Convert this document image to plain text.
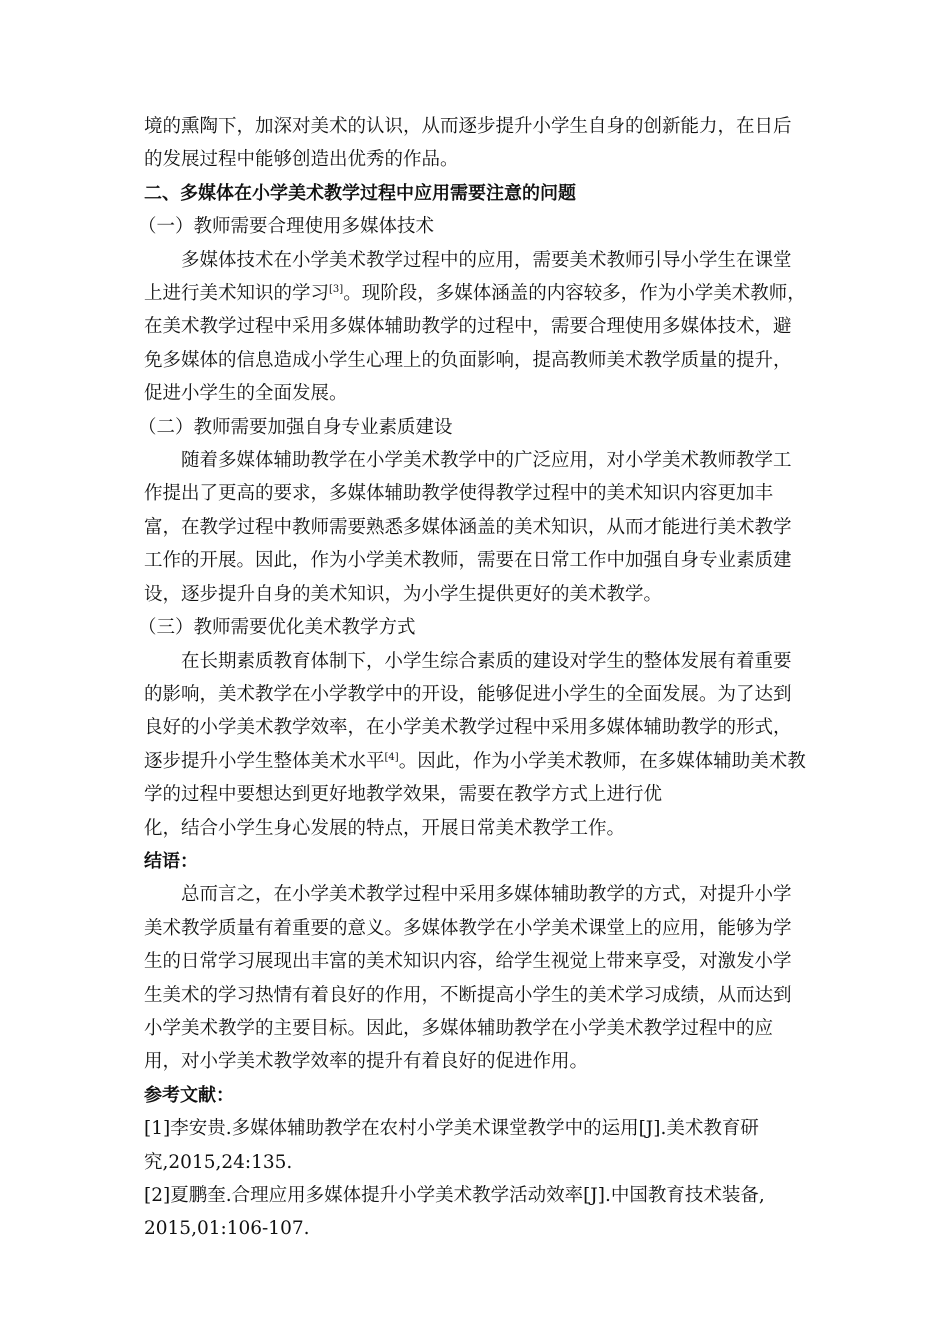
境的熏陶下，加深对美术的认识，从而逐步提升小学生自身的创新能力，在日后的发展过程中能够创造出优秀的作品。

二、多媒体在小学美术教学过程中应用需要注意的问题

（一）教师需要合理使用多媒体技术

多媒体技术在小学美术教学过程中的应用，需要美术教师引导小学生在课堂上进行美术知识的学习[3]。现阶段，多媒体涵盖的内容较多，作为小学美术教师，在美术教学过程中采用多媒体辅助教学的过程中，需要合理使用多媒体技术，避免多媒体的信息造成小学生心理上的负面影响，提高教师美术教学质量的提升，促进小学生的全面发展。

（二）教师需要加强自身专业素质建设

随着多媒体辅助教学在小学美术教学中的广泛应用，对小学美术教师教学工作提出了更高的要求，多媒体辅助教学使得教学过程中的美术知识内容更加丰富，在教学过程中教师需要熟悉多媒体涵盖的美术知识，从而才能进行美术教学工作的开展。因此，作为小学美术教师，需要在日常工作中加强自身专业素质建设，逐步提升自身的美术知识，为小学生提供更好的美术教学。

（三）教师需要优化美术教学方式

在长期素质教育体制下，小学生综合素质的建设对学生的整体发展有着重要的影响，美术教学在小学教学中的开设，能够促进小学生的全面发展。为了达到良好的小学美术教学效率，在小学美术教学过程中采用多媒体辅助教学的形式，逐步提升小学生整体美术水平[4]。因此，作为小学美术教师，在多媒体辅助美术教学的过程中要想达到更好地教学效果，需要在教学方式上进行优
化，结合小学生身心发展的特点，开展日常美术教学工作。

结语：

总而言之，在小学美术教学过程中采用多媒体辅助教学的方式，对提升小学美术教学质量有着重要的意义。多媒体教学在小学美术课堂上的应用，能够为学生的日常学习展现出丰富的美术知识内容，给学生视觉上带来享受，对激发小学生美术的学习热情有着良好的作用，不断提高小学生的美术学习成绩，从而达到小学美术教学的主要目标。因此，多媒体辅助教学在小学美术教学过程中的应用，对小学美术教学效率的提升有着良好的促进作用。

参考文献：

[1]李安贵.多媒体辅助教学在农村小学美术课堂教学中的运用[J].美术教育研
究,2015,24:135.

[2]夏鹏奎.合理应用多媒体提升小学美术教学活动效率[J].中国教育技术装备,
2015,01:106-107.
